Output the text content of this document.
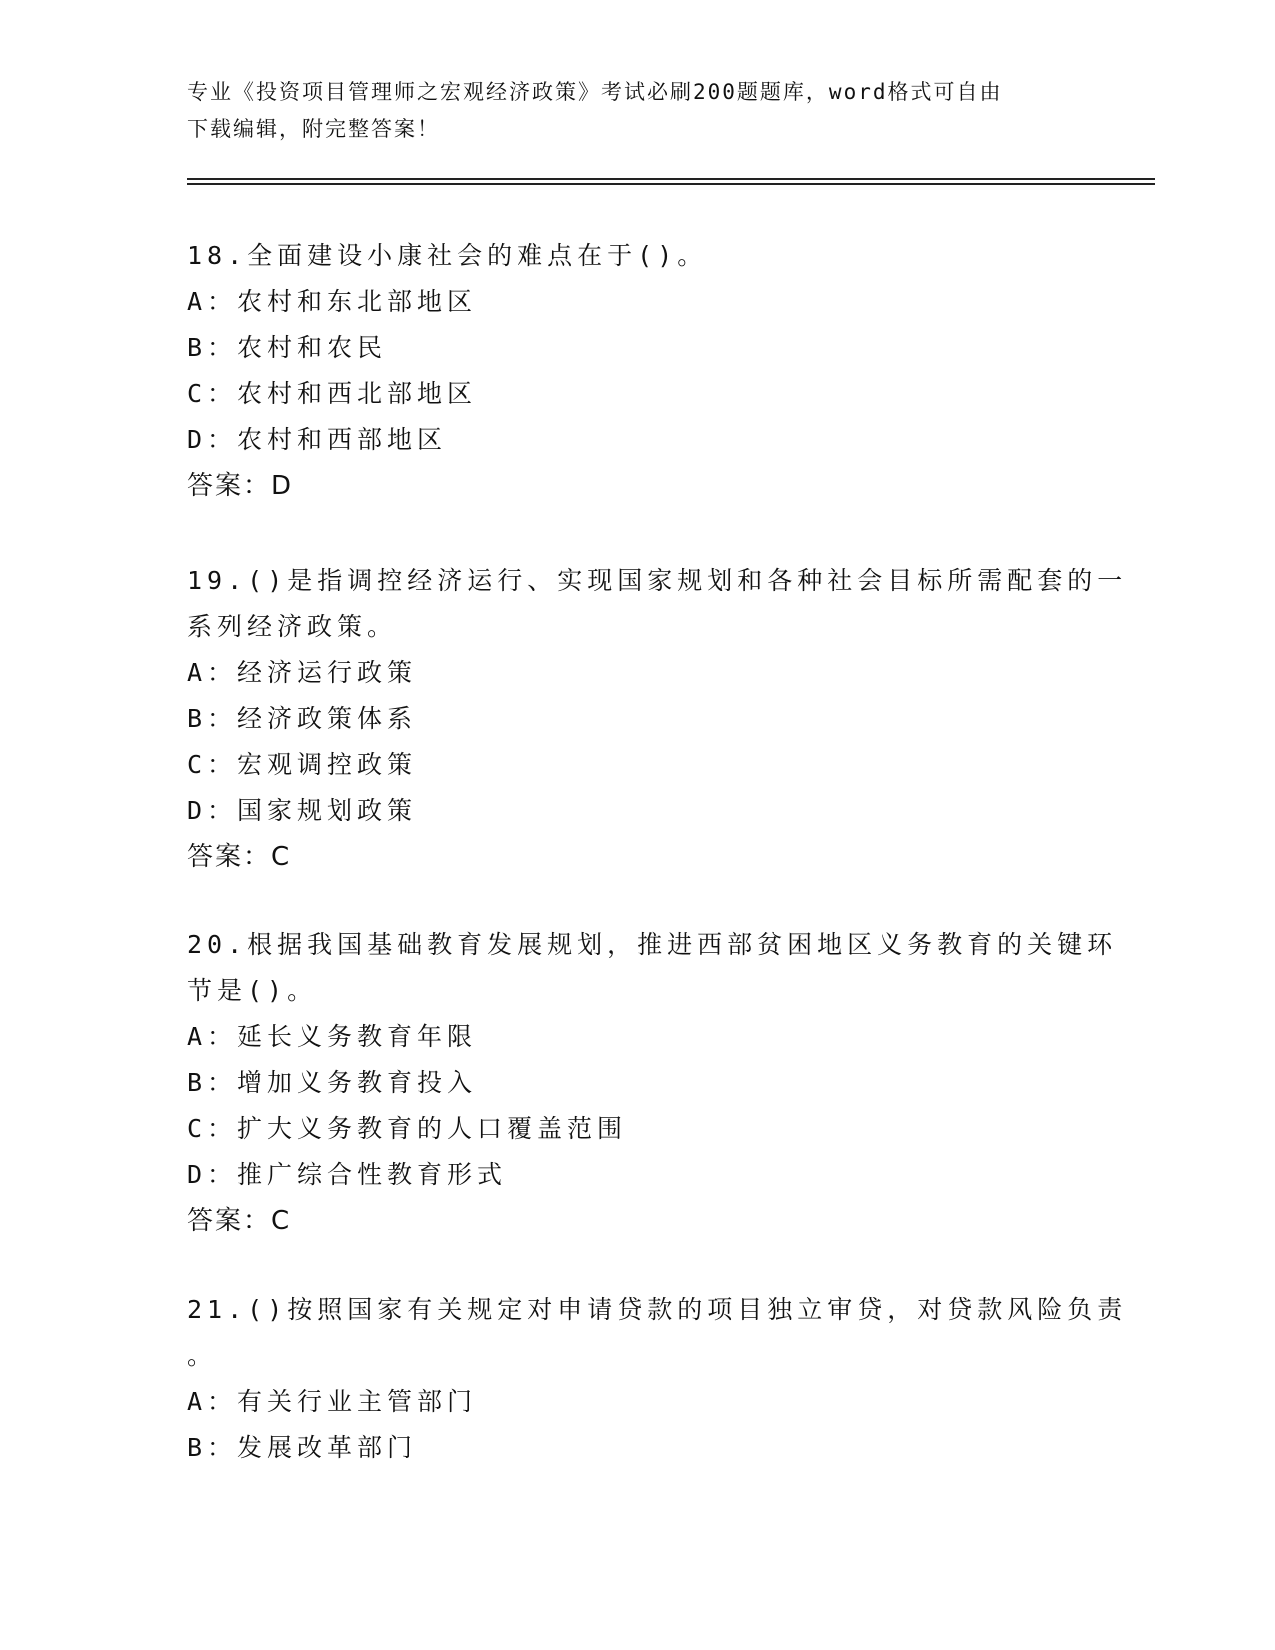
专业《投资项目管理师之宏观经济政策》考试必刷200题题库，word格式可自由
下载编辑，附完整答案！
18.全面建设小康社会的难点在于()。
A：农村和东北部地区
B：农村和农民
C：农村和西北部地区
D：农村和西部地区
答案：D
19.()是指调控经济运行、实现国家规划和各种社会目标所需配套的一
系列经济政策。
A：经济运行政策
B：经济政策体系
C：宏观调控政策
D：国家规划政策
答案：C
20.根据我国基础教育发展规划，推进西部贫困地区义务教育的关键环
节是()。
A：延长义务教育年限
B：增加义务教育投入
C：扩大义务教育的人口覆盖范围
D：推广综合性教育形式
答案：C
21.()按照国家有关规定对申请贷款的项目独立审贷，对贷款风险负责
。
A：有关行业主管部门
B：发展改革部门
